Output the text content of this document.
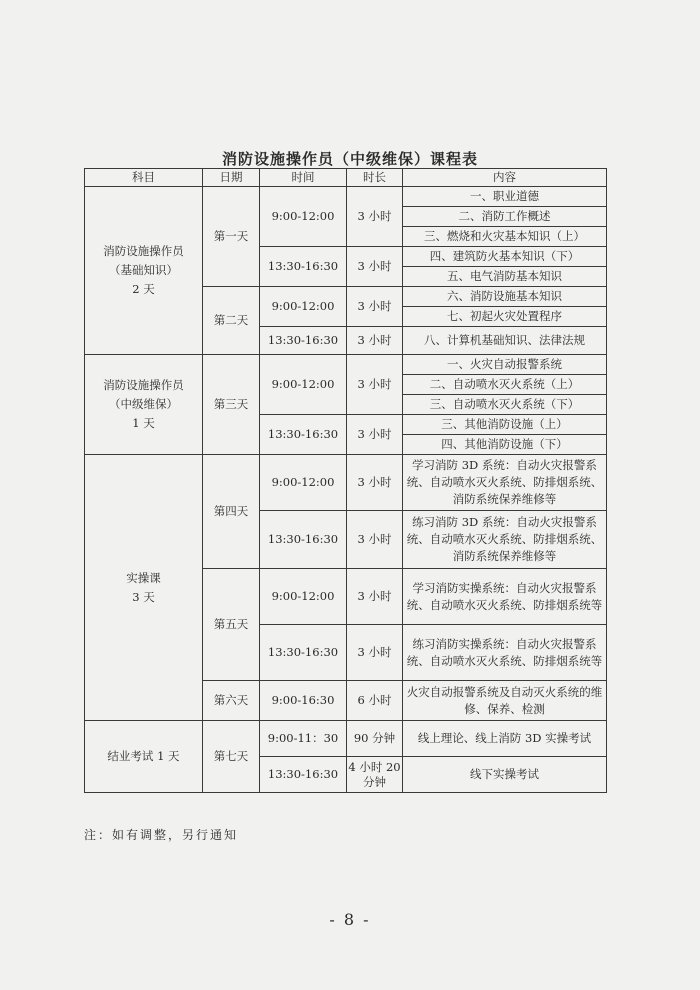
消防设施操作员（中级维保）课程表
科目	日期	时间	时长	内容

消防设施操作员
（基础知识）
2 天	第一天	9:00-12:00	3 小时	一、职业道德
				二、消防工作概述
				三、燃烧和火灾基本知识（上）
		13:30-16:30	3 小时	四、建筑防火基本知识（下）
				五、电气消防基本知识
	第二天	9:00-12:00	3 小时	六、消防设施基本知识
				七、初起火灾处置程序
		13:30-16:30	3 小时	八、计算机基础知识、法律法规

消防设施操作员
（中级维保）
1 天	第三天	9:00-12:00	3 小时	一、火灾自动报警系统
				二、自动喷水灭火系统（上）
				三、自动喷水灭火系统（下）
		13:30-16:30	3 小时	三、其他消防设施（上）
				四、其他消防设施（下）

实操课
3 天	第四天	9:00-12:00	3 小时	学习消防 3D 系统：自动火灾报警系统、自动喷水灭火系统、防排烟系统、消防系统保养维修等
		13:30-16:30	3 小时	练习消防 3D 系统：自动火灾报警系统、自动喷水灭火系统、防排烟系统、消防系统保养维修等
	第五天	9:00-12:00	3 小时	学习消防实操系统：自动火灾报警系统、自动喷水灭火系统、防排烟系统等
		13:30-16:30	3 小时	练习消防实操系统：自动火灾报警系统、自动喷水灭火系统、防排烟系统等
	第六天	9:00-16:30	6 小时	火灾自动报警系统及自动灭火系统的维修、保养、检测

结业考试 1 天	第七天	9:00-11：30	90 分钟	线上理论、线上消防 3D 实操考试
		13:30-16:30	4 小时 20 分钟	线下实操考试
注：如有调整，另行通知
- 8 -
